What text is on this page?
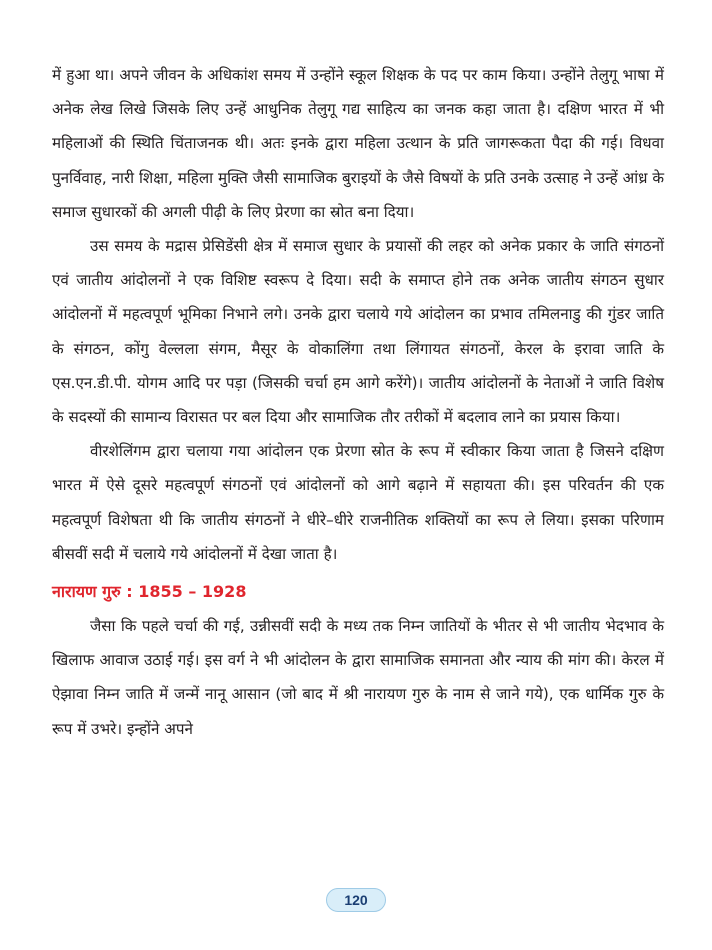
में हुआ था। अपने जीवन के अधिकांश समय में उन्होंने स्कूल शिक्षक के पद पर काम किया। उन्होंने तेलुगू भाषा में अनेक लेख लिखे जिसके लिए उन्हें आधुनिक तेलुगू गद्य साहित्य का जनक कहा जाता है। दक्षिण भारत में भी महिलाओं की स्थिति चिंताजनक थी। अतः इनके द्वारा महिला उत्थान के प्रति जागरूकता पैदा की गई। विधवा पुनर्विवाह, नारी शिक्षा, महिला मुक्ति जैसी सामाजिक बुराइयों के जैसे विषयों के प्रति उनके उत्साह ने उन्हें आंध्र के समाज सुधारकों की अगली पीढ़ी के लिए प्रेरणा का स्रोत बना दिया।

उस समय के मद्रास प्रेसिडेंसी क्षेत्र में समाज सुधार के प्रयासों की लहर को अनेक प्रकार के जाति संगठनों एवं जातीय आंदोलनों ने एक विशिष्ट स्वरूप दे दिया। सदी के समाप्त होने तक अनेक जातीय संगठन सुधार आंदोलनों में महत्वपूर्ण भूमिका निभाने लगे। उनके द्वारा चलाये गये आंदोलन का प्रभाव तमिलनाडु की गुंडर जाति के संगठन, कोंगु वेल्लला संगम, मैसूर के वोकालिंगा तथा लिंगायत संगठनों, केरल के इरावा जाति के एस.एन.डी.पी. योगम आदि पर पड़ा (जिसकी चर्चा हम आगे करेंगे)। जातीय आंदोलनों के नेताओं ने जाति विशेष के सदस्यों की सामान्य विरासत पर बल दिया और सामाजिक तौर तरीकों में बदलाव लाने का प्रयास किया।

वीरशेलिंगम द्वारा चलाया गया आंदोलन एक प्रेरणा स्रोत के रूप में स्वीकार किया जाता है जिसने दक्षिण भारत में ऐसे दूसरे महत्वपूर्ण संगठनों एवं आंदोलनों को आगे बढ़ाने में सहायता की। इस परिवर्तन की एक महत्वपूर्ण विशेषता थी कि जातीय संगठनों ने धीरे–धीरे राजनीतिक शक्तियों का रूप ले लिया। इसका परिणाम बीसवीं सदी में चलाये गये आंदोलनों में देखा जाता है।

नारायण गुरु : 1855 – 1928

जैसा कि पहले चर्चा की गई, उन्नीसवीं सदी के मध्य तक निम्न जातियों के भीतर से भी जातीय भेदभाव के खिलाफ आवाज उठाई गई। इस वर्ग ने भी आंदोलन के द्वारा सामाजिक समानता और न्याय की मांग की। केरल में ऐझावा निम्न जाति में जन्में नानू आसान (जो बाद में श्री नारायण गुरु के नाम से जाने गये), एक धार्मिक गुरु के रूप में उभरे। इन्होंने अपने

120
